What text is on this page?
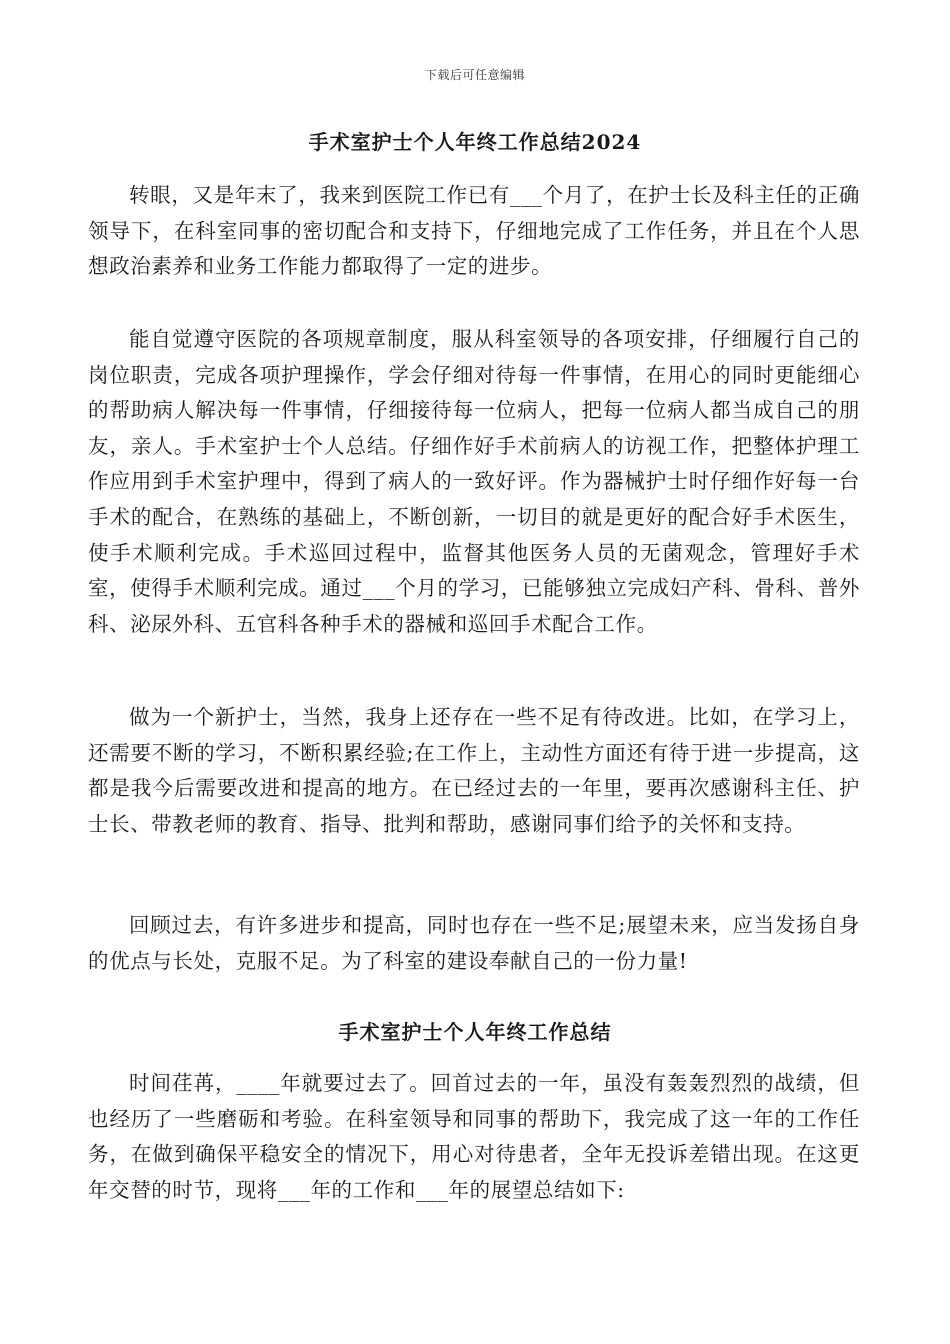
下载后可任意编辑
手术室护士个人年终工作总结2024

转眼，又是年末了，我来到医院工作已有___个月了，在护士长及科主任的正确领导下，在科室同事的密切配合和支持下，仔细地完成了工作任务，并且在个人思想政治素养和业务工作能力都取得了一定的进步。

能自觉遵守医院的各项规章制度，服从科室领导的各项安排，仔细履行自己的岗位职责，完成各项护理操作，学会仔细对待每一件事情，在用心的同时更能细心的帮助病人解决每一件事情，仔细接待每一位病人，把每一位病人都当成自己的朋友，亲人。手术室护士个人总结。仔细作好手术前病人的访视工作，把整体护理工作应用到手术室护理中，得到了病人的一致好评。作为器械护士时仔细作好每一台手术的配合，在熟练的基础上，不断创新，一切目的就是更好的配合好手术医生，使手术顺利完成。手术巡回过程中，监督其他医务人员的无菌观念，管理好手术室，使得手术顺利完成。通过___个月的学习，已能够独立完成妇产科、骨科、普外科、泌尿外科、五官科各种手术的器械和巡回手术配合工作。

做为一个新护士，当然，我身上还存在一些不足有待改进。比如，在学习上，还需要不断的学习，不断积累经验;在工作上，主动性方面还有待于进一步提高，这都是我今后需要改进和提高的地方。在已经过去的一年里，要再次感谢科主任、护士长、带教老师的教育、指导、批判和帮助，感谢同事们给予的关怀和支持。

回顾过去，有许多进步和提高，同时也存在一些不足;展望未来，应当发扬自身的优点与长处，克服不足。为了科室的建设奉献自己的一份力量!

手术室护士个人年终工作总结

时间荏苒，____年就要过去了。回首过去的一年，虽没有轰轰烈烈的战绩，但也经历了一些磨砺和考验。在科室领导和同事的帮助下，我完成了这一年的工作任务，在做到确保平稳安全的情况下，用心对待患者，全年无投诉差错出现。在这更年交替的时节，现将___年的工作和___年的展望总结如下:
